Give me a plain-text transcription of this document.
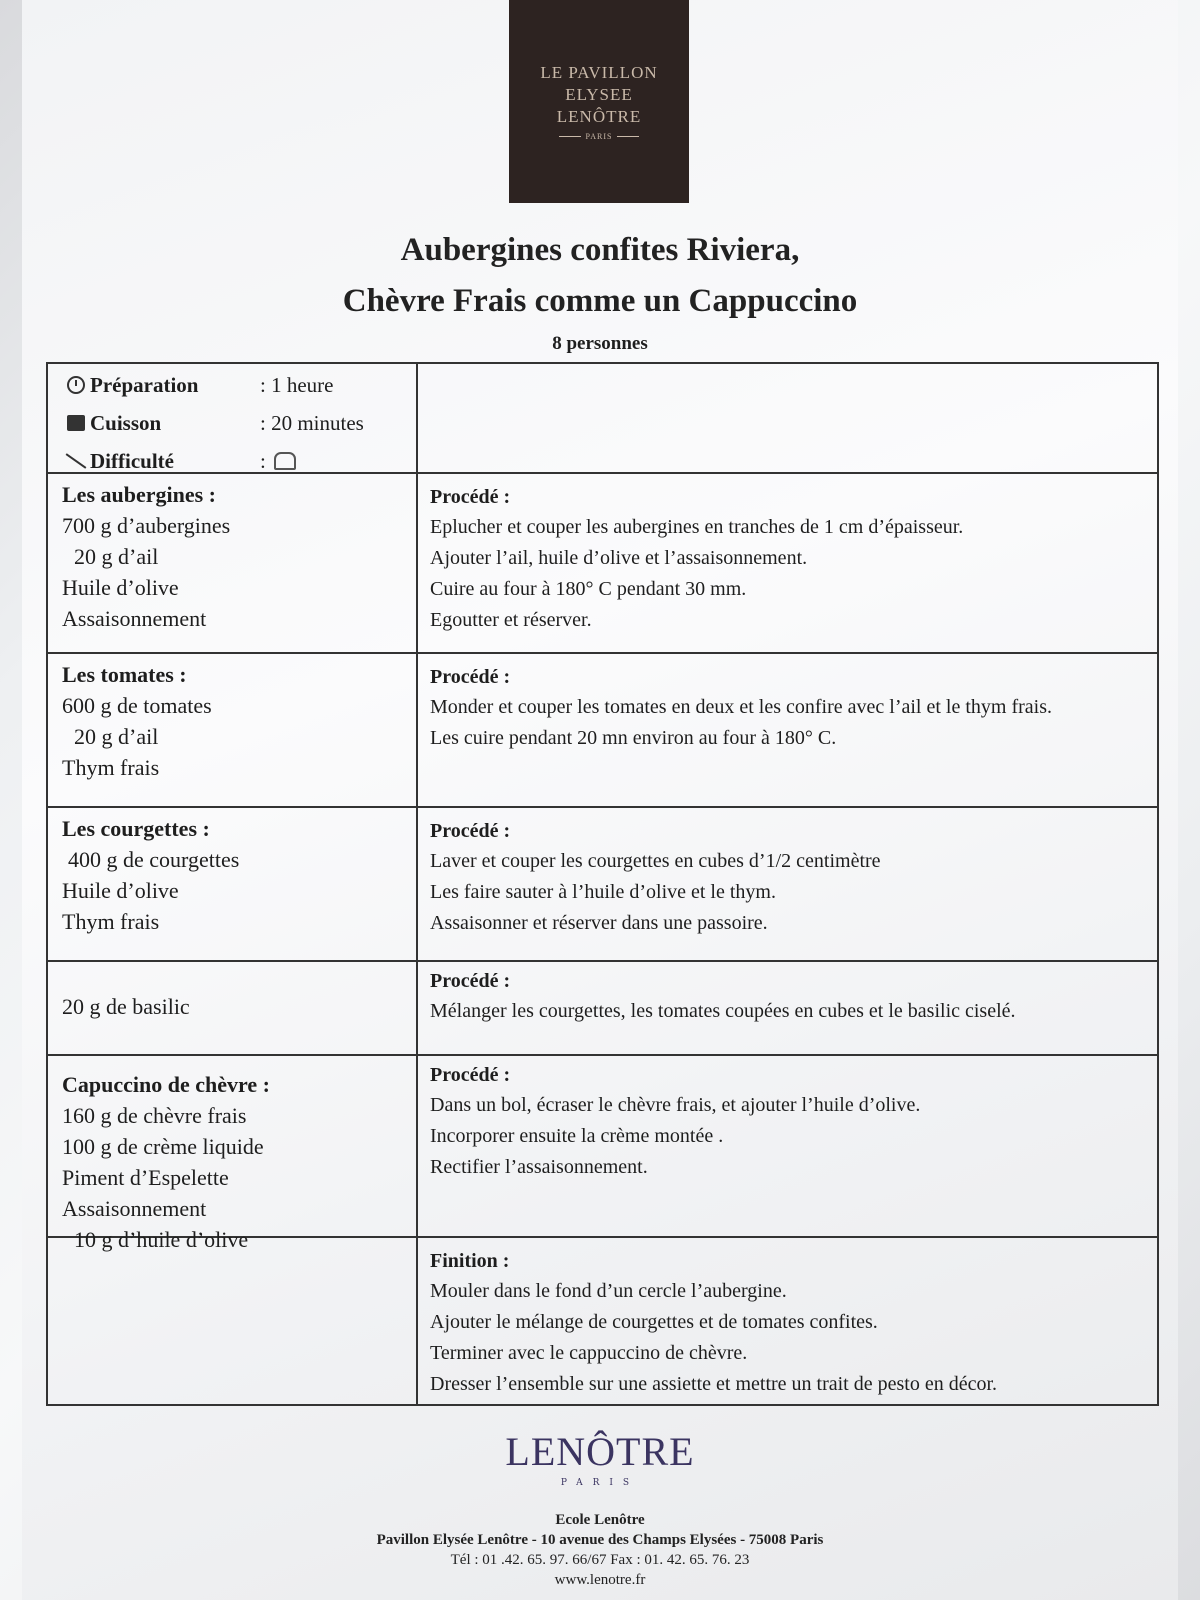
LE PAVILLON
ELYSEE
LENÔTRE
PARIS
Aubergines confites Riviera,
Chèvre Frais comme un Cappuccino
8 personnes
Préparation	: 1 heure
Cuisson	: 20 minutes
Difficulté	:
Les aubergines :
700 g d’aubergines
20 g d’ail
Huile d’olive
Assaisonnement
Procédé :
Eplucher et couper les aubergines en tranches de 1 cm d’épaisseur.
Ajouter l’ail, huile d’olive et l’assaisonnement.
Cuire au four à 180° C pendant 30 mm.
Egoutter et réserver.
Les tomates :
600 g de tomates
20 g d’ail
Thym frais
Procédé :
Monder et couper les tomates en deux et les confire avec l’ail et le thym frais.
Les cuire pendant 20 mn environ au four à 180° C.
Les courgettes :
400 g de courgettes
Huile d’olive
Thym frais
Procédé :
Laver et couper les courgettes en cubes d’1/2 centimètre
Les faire sauter à l’huile d’olive et le thym.
Assaisonner et réserver dans une passoire.
20 g de basilic
Procédé :
Mélanger les courgettes, les tomates coupées en cubes et le basilic ciselé.
Capuccino de chèvre :
160 g de chèvre frais
100 g de crème liquide
Piment d’Espelette
Assaisonnement
10 g d’huile d’olive
Procédé :
Dans un bol, écraser le chèvre frais, et ajouter l’huile d’olive.
Incorporer ensuite la crème montée .
Rectifier l’assaisonnement.
Finition :
Mouler dans le fond d’un cercle l’aubergine.
Ajouter le mélange de courgettes et de tomates confites.
Terminer avec le cappuccino de chèvre.
Dresser l’ensemble sur une assiette et mettre un trait de pesto en décor.
LENÔTRE
PARIS
Ecole Lenôtre
Pavillon Elysée Lenôtre - 10 avenue des Champs Elysées - 75008 Paris
Tél : 01 .42. 65. 97. 66/67 Fax : 01. 42. 65. 76. 23
www.lenotre.fr
